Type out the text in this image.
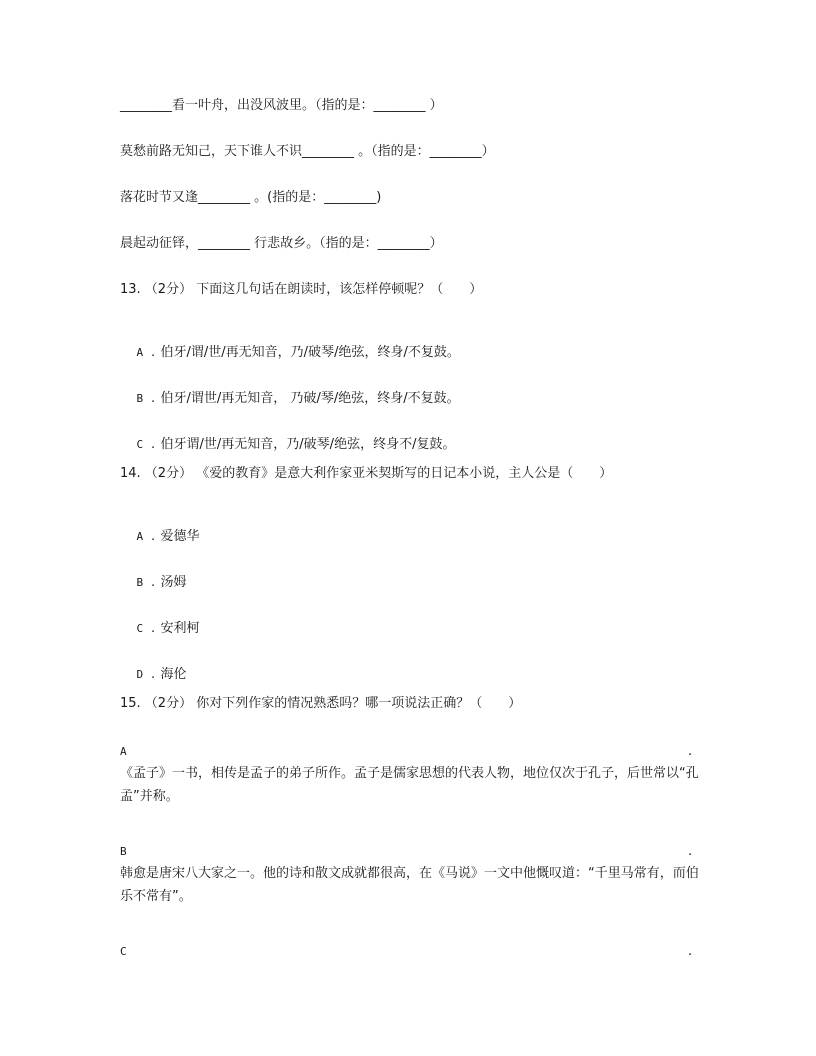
________看一叶舟，出没风波里。（指的是：________ ）
莫愁前路无知己，天下谁人不识________ 。（指的是：________）
落花时节又逢________ 。(指的是：________)
晨起动征铎，________ 行悲故乡。（指的是：________）
13. （2分） 下面这几句话在朗读时，该怎样停顿呢？（　　）

A . 伯牙/谓/世/再无知音，乃/破琴/绝弦，终身/不复鼓。

B . 伯牙/谓世/再无知音， 乃破/琴/绝弦，终身/不复鼓。

C . 伯牙谓/世/再无知音，乃/破琴/绝弦，终身不/复鼓。

14. （2分） 《爱的教育》是意大利作家亚米契斯写的日记本小说，主人公是（　　）

A . 爱德华

B . 汤姆

C . 安利柯

D . 海伦

15. （2分） 你对下列作家的情况熟悉吗？哪一项说法正确？（　　）
A	.
《孟子》一书，相传是孟子的弟子所作。孟子是儒家思想的代表人物，地位仅次于孔子，后世常以“孔孟”并称。
B	.
韩愈是唐宋八大家之一。他的诗和散文成就都很高，在《马说》一文中他慨叹道：“千里马常有，而伯乐不常有”。
C	.
